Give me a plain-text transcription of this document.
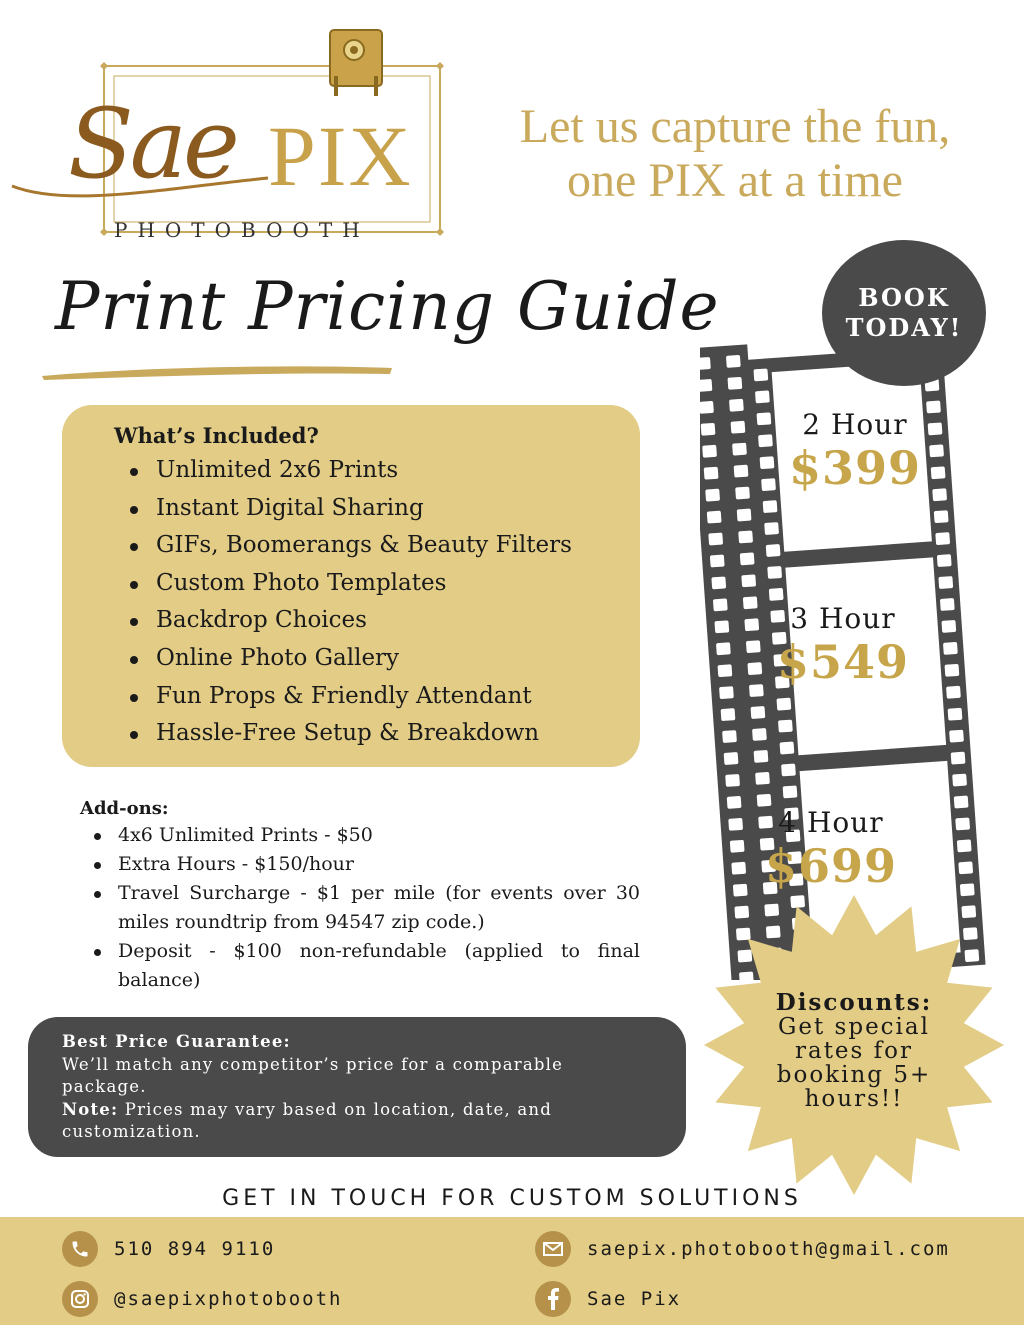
Sae PIX
PHOTOBOOTH
Let us capture the fun,
one PIX at a time
Print Pricing Guide
What’s Included?
Unlimited 2x6 Prints
Instant Digital Sharing
GIFs, Boomerangs & Beauty Filters
Custom Photo Templates
Backdrop Choices
Online Photo Gallery
Fun Props & Friendly Attendant
Hassle-Free Setup & Breakdown
Add-ons:
4x6 Unlimited Prints - $50
Extra Hours - $150/hour
Travel Surcharge - $1 per mile (for events over 30 miles roundtrip from 94547 zip code.)
Deposit - $100 non-refundable (applied to final balance)
Best Price Guarantee:
We’ll match any competitor’s price for a comparable package.
Note: Prices may vary based on location, date, and customization.
BOOK
TODAY!
2 Hour
$399
3 Hour
$549
4 Hour
$699
Discounts:
Get special
rates for
booking 5+
hours!!
GET IN TOUCH FOR CUSTOM SOLUTIONS
510 894 9110	saepix.photobooth@gmail.com
@saepixphotobooth	Sae Pix
